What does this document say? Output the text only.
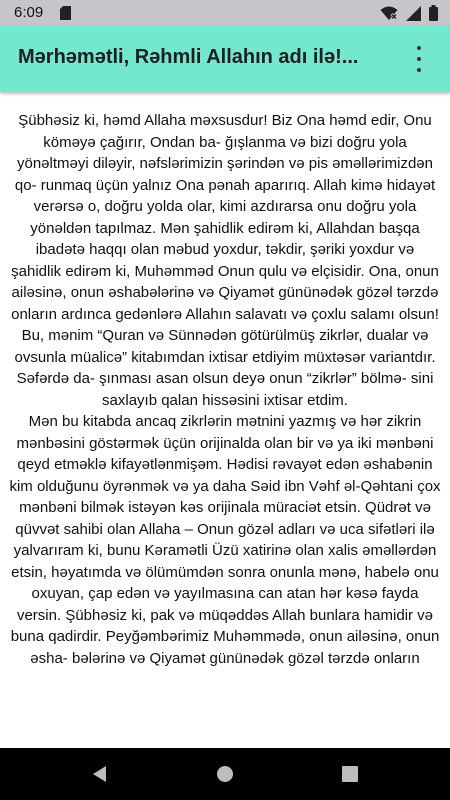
6:09
Mərhəmətli, Rəhmli Allahın adı ilə!...

Şübhəsiz ki, həmd Allaha məxsusdur! Biz Ona həmd edir, Onu köməyə çağırır, Ondan ba- ğışlanma və bizi doğru yola yönəltməyi diləyir, nəfslərimizin şərindən və pis əməllərimizdən qo- runmaq üçün yalnız Ona pənah aparırıq. Allah kimə hidayət verərsə o, doğru yolda olar, kimi azdırarsa onu doğru yola yönəldən tapılmaz. Mən şahidlik edirəm ki, Allahdan başqa ibadətə haqqı olan məbud yoxdur, təkdir, şəriki yoxdur və şahidlik edirəm ki, Muhəmməd Onun qulu və elçisidir. Ona, onun ailəsinə, onun əshabələrinə və Qiyamət gününədək gözəl tərzdə onların ardınca gedənlərə Allahın salavatı və çoxlu salamı olsun!

Bu, mənim “Quran və Sünnədən götürülmüş zikrlər, dualar və ovsunla müalicə” kitabımdan ixtisar etdiyim müxtəsər variantdır. Səfərdə da- şınması asan olsun deyə onun “zikrlər” bölmə- sini saxlayıb qalan hissəsini ixtisar etdim.

Mən bu kitabda ancaq zikrlərin mətnini yazmış və hər zikrin mənbəsini göstərmək üçün orijinalda olan bir və ya iki mənbəni qeyd etməklə kifayətlənmişəm. Hədisi rəvayət edən əshabənin kim olduğunu öyrənmək və ya daha Səid ibn Vəhf əl-Qəhtani çox mənbəni bilmək istəyən kəs orijinala müraciət etsin. Qüdrət və qüvvət sahibi olan Allaha – Onun gözəl adları və uca sifətləri ilə yalvarıram ki, bunu Kəramətli Üzü xatirinə olan xalis əməllərdən etsin, həyatımda və ölümümdən sonra onunla mənə, habelə onu oxuyan, çap edən və yayılmasına can atan hər kəsə fayda versin. Şübhəsiz ki, pak və müqəddəs Allah bunlara hamidir və buna qadirdir. Peyğəmbərimiz Muhəmmədə, onun ailəsinə, onun əsha- bələrinə və Qiyamət gününədək gözəl tərzdə onların
